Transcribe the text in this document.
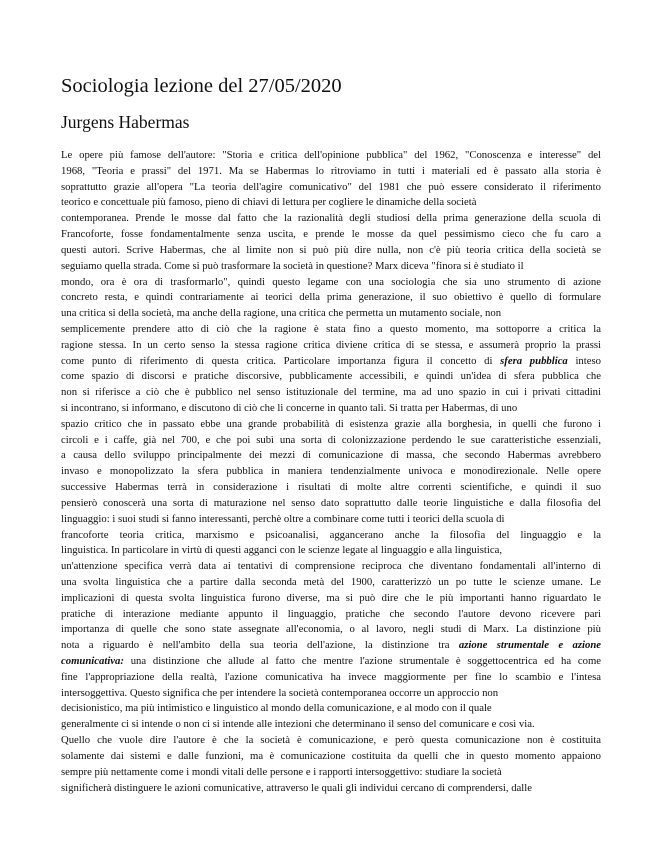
Sociologia lezione del 27/05/2020
Jurgens Habermas
Le opere più famose dell'autore: "Storia e critica dell'opinione pubblica" del 1962, "Conoscenza e interesse" del
1968, "Teoria e prassi" del 1971. Ma se Habermas lo ritroviamo in tutti i materiali ed è passato alla storia è
soprattutto grazie all'opera "La teoria dell'agire comunicativo" del 1981 che può essere considerato il riferimento
teorico e concettuale più famoso, pieno di chiavi di lettura per cogliere le dinamiche della società
contemporanea. Prende le mosse dal fatto che la razionalità degli studiosi della prima generazione della scuola di
Francoforte, fosse fondamentalmente senza uscita, e prende le mosse da quel pessimismo cieco che fu caro a
questi autori. Scrive Habermas, che al limite non si può più dire nulla, non c'è più teoria critica della società se
seguiamo quella strada. Come si può trasformare la società in questione? Marx diceva "finora si è studiato il
mondo, ora è ora di trasformarlo", quindi questo legame con una sociologia che sia uno strumento di azione
concreto resta, e quindi contrariamente ai teorici della prima generazione, il suo obiettivo è quello di formulare
una critica si della società, ma anche della ragione, una critica che permetta un mutamento sociale, non
semplicemente prendere atto di ciò che la ragione è stata fino a questo momento, ma sottoporre a critica la
ragione stessa. In un certo senso la stessa ragione critica diviene critica di se stessa, e assumerà proprio la prassi
come punto di riferimento di questa critica. Particolare importanza figura il concetto di sfera pubblica inteso
come spazio di discorsi e pratiche discorsive, pubblicamente accessibili, e quindi un'idea di sfera pubblica che
non si riferisce a ciò che è pubblico nel senso istituzionale del termine, ma ad uno spazio in cui i privati cittadini
si incontrano, si informano, e discutono di ciò che li concerne in quanto tali. Si tratta per Habermas, di uno
spazio critico che in passato ebbe una grande probabilità di esistenza grazie alla borghesia, in quelli che furono i
circoli e i caffe, già nel 700, e che poi subì una sorta di colonizzazione perdendo le sue caratteristiche essenziali,
a causa dello sviluppo principalmente dei mezzi di comunicazione di massa, che secondo Habermas avrebbero
invaso e monopolizzato la sfera pubblica in maniera tendenzialmente univoca e monodirezionale. Nelle opere
successive Habermas terrà in considerazione i risultati di molte altre correnti scientifiche, e quindi il suo
pensierò conoscerà una sorta di maturazione nel senso dato soprattutto dalle teorie linguistiche e dalla filosofia del
linguaggio: i suoi studi si fanno interessanti, perchè oltre a combinare come tutti i teorici della scuola di
francoforte teoria critica, marxismo e psicoanalisi, aggancerano anche la filosofia del linguaggio e la
linguistica. In particolare in virtù di questi agganci con le scienze legate al linguaggio e alla linguistica,
un'attenzione specifica verrà data ai tentativi di comprensione reciproca che diventano fondamentali all'interno di
una svolta linguistica che a partire dalla seconda metà del 1900, caratterizzò un po tutte le scienze umane. Le
implicazioni di questa svolta linguistica furono diverse, ma si può dire che le più importanti hanno riguardato le
pratiche di interazione mediante appunto il linguaggio, pratiche che secondo l'autore devono ricevere pari
importanza di quelle che sono state assegnate all'economia, o al lavoro, negli studi di Marx. La distinzione più
nota a riguardo è nell'ambito della sua teoria dell'azione, la distinzione tra azione strumentale e azione
comunicativa: una distinzione che allude al fatto che mentre l'azione strumentale è soggettocentrica ed ha come
fine l'appropriazione della realtà, l'azione comunicativa ha invece maggiormente per fine lo scambio e l'intesa
intersoggettiva. Questo significa che per intendere la società contemporanea occorre un approccio non
decisionistico, ma più intimistico e linguistico al mondo della comunicazione, e al modo con il quale
generalmente ci si intende o non ci si intende alle intezioni che determinano il senso del comunicare e così via.
Quello che vuole dire l'autore è che la società è comunicazione, e però questa comunicazione non è costituita
solamente dai sistemi e dalle funzioni, ma è comunicazione costituita da quelli che in questo momento appaiono
sempre più nettamente come i mondi vitali delle persone e i rapporti intersoggettivo: studiare la società
significherà distinguere le azioni comunicative, attraverso le quali gli individui cercano di comprendersi, dalle
